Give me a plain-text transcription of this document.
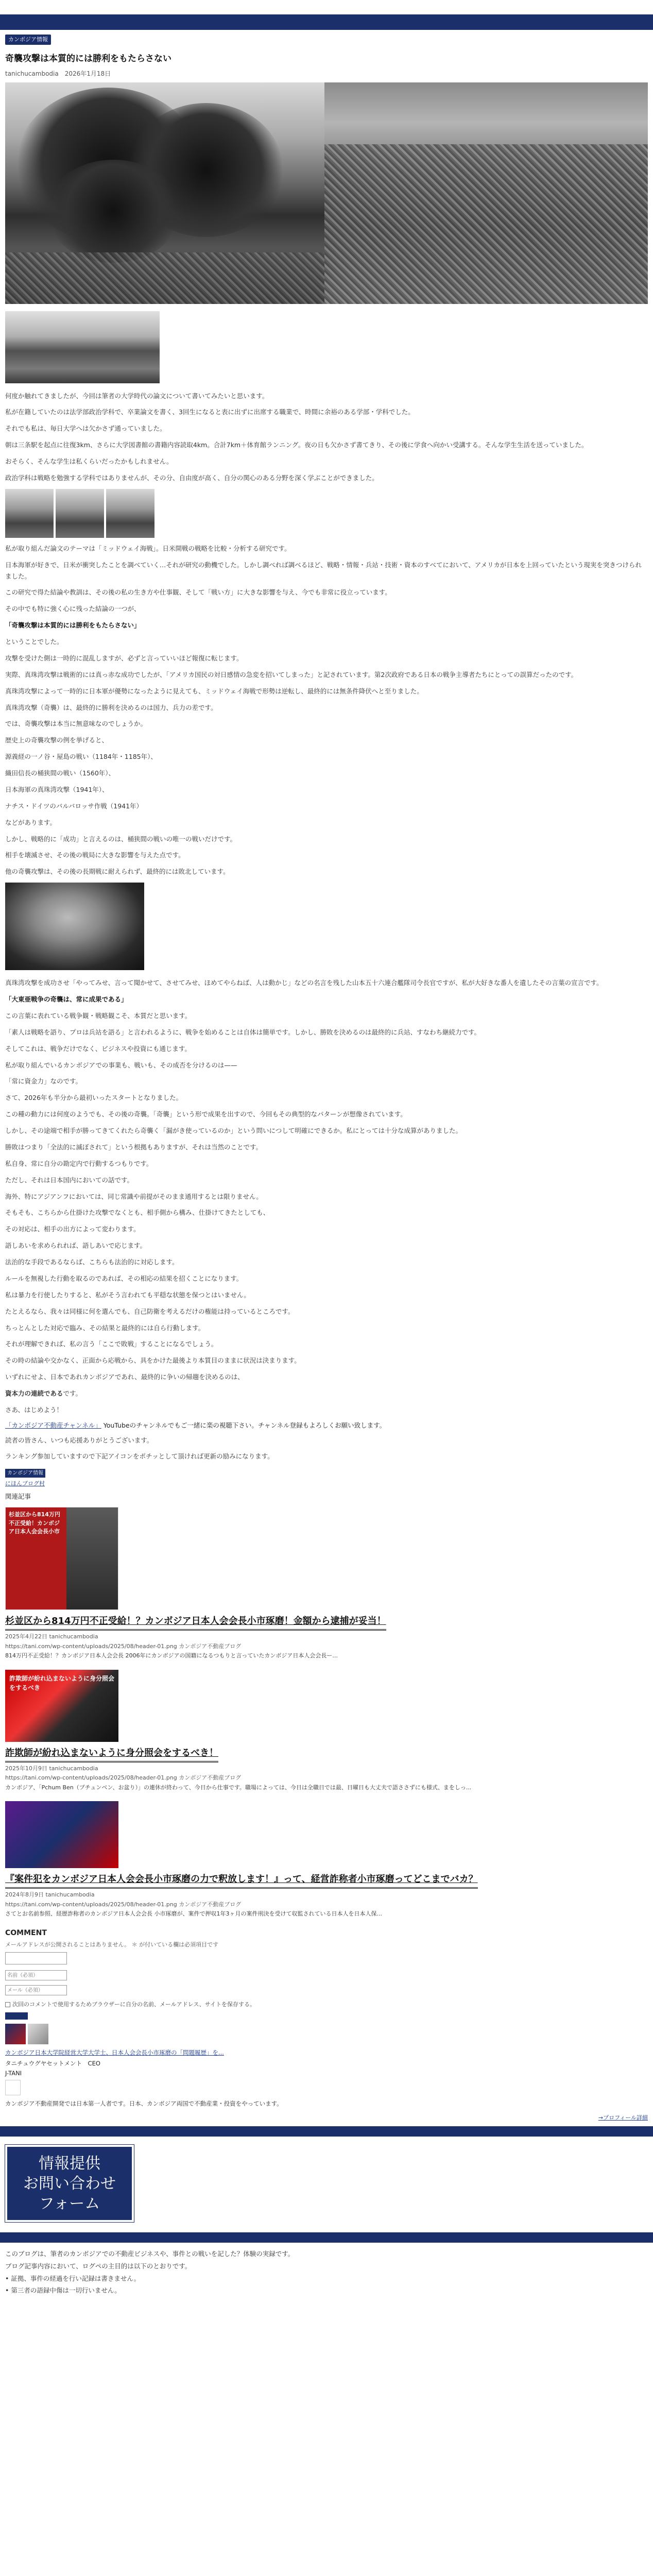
カンボジア情報
奇襲攻撃は本質的には勝利をもたらさない
tanichucambodia　 2026年1月18日

何度か触れてきましたが、今回は筆者の大学時代の論文について書いてみたいと思います。

私が在籍していたのは法学部政治学科で、卒業論文を書く、3回生になると表に出ずに出席する職業で、時間に余裕のある学部・学科でした。

それでも私は、毎日大学へは欠かさず通っていました。

朝は三条駅を起点に往復3km、さらに大学図書館の書籍内容読取4km。合計7km＋体育館ランニング。夜の日も欠かさず書てきり、その後に学食へ向かい受講する。そんな学生生活を送っていました。

おそらく、そんな学生は私くらいだったかもしれません。

政治学科は戦略を勉強する学科ではありませんが、その分、自由度が高く、自分の関心のある分野を深く学ぶことができました。

私が取り組んだ論文のテーマは「ミッドウェイ海戦」。日米開戦の戦略を比較・分析する研究です。

日本海軍が好きで、日米が衝突したことを調べていく…それが研究の動機でした。しかし調べれば調べるほど、戦略・情報・兵站・技術・資本のすべてにおいて、アメリカが日本を上回っていたという現実を突きつけられました。

この研究で得た結論や教訓は、その後の私の生き方や仕事観、そして「戦い方」に大きな影響を与え、今でも非常に役立っています。

その中でも特に強く心に残った結論の一つが、

「奇襲攻撃は本質的には勝利をもたらさない」

ということでした。

攻撃を受けた側は一時的に混乱しますが、必ずと言っていいほど報復に転じます。

実際、真珠湾攻撃は戦術的には真っ赤な成功でしたが、「アメリカ国民の対日感情の急変を招いてしまった」と記されています。第2次政府である日本の戦争主導者たちにとっての誤算だったのです。

真珠湾攻撃によって一時的に日本軍が優勢になったように見えても、ミッドウェイ海戦で形勢は逆転し、最終的には無条件降伏へと至りました。

真珠湾攻撃（奇襲）は、最終的に勝利を決めるのは国力、兵力の差です。

では、奇襲攻撃は本当に無意味なのでしょうか。

歴史上の奇襲攻撃の例を挙げると、

源義経の一ノ谷・屋島の戦い（1184年・1185年）、

織田信長の桶狭間の戦い（1560年）、

日本海軍の真珠湾攻撃（1941年）、

ナチス・ドイツのバルバロッサ作戦（1941年）

などがあります。

しかし、戦略的に「成功」と言えるのは、桶狭間の戦いの唯一の戦いだけです。

相手を壊滅させ、その後の戦局に大きな影響を与えた点です。

他の奇襲攻撃は、その後の長期戦に耐えられず、最終的には敗北しています。

真珠湾攻撃を成功させ「やってみせ、言って聞かせて、させてみせ、ほめてやらねば、人は動かじ」などの名言を残した山本五十六連合艦隊司令長官ですが、私が大好きな番人を遺したその言葉の宣言です。

「大東亜戦争の奇襲は、常に成果である」

この言葉に表れている戦争観・戦略観こそ、本質だと思います。

「素人は戦略を語り、プロは兵站を語る」と言われるように、戦争を始めることは自体は簡単です。しかし、勝敗を決めるのは最終的に兵站、すなわち継続力です。

そしてこれは、戦争だけでなく、ビジネスや投資にも通じます。

私が取り組んでいるカンボジアでの事業も、戦いも、その成否を分けるのは——

「常に資金力」なのです。

さて、2026年も半分から最初いったスタートとなりました。

この種の動力には何度のようでも、その後の奇襲。「奇襲」という形で成果を出すので、今回もその典型的なパターンが想像されています。

しかし、その途端で相手が勝ってきてくれたら奇襲く「漏がき使っているのか」という問いにつして明確にできるか。私にとっては十分な成算がありました。

勝敗はつまり「全法的に滅ぼされて」という根拠もありますが、それは当然のことです。

私自身、常に自分の勘定内で行動するつもりです。

ただし、それは日本国内においての話です。

海外、特にアジアンフにおいては、同じ常識や前提がそのまま通用するとは限りません。

そもそも、こちらから仕掛けた攻撃でなくとも、相手側から構み、仕掛けてきたとしても、

その対応は、相手の出方によって変わります。

語しあいを求められれば、語しあいで応じます。

法治的な手段であるならば、こちらも法治的に対応します。

ルールを無視した行動を取るのであれば、その相応の結果を招くことになります。

私は暴力を行使したりすると、私がそう言われても平穏な状態を保つとはいません。

たとえるなら、我々は同様に何を選んでも、自己防衛を考えるだけの権能は持っているところです。

ちっとんとした対応で臨み、その結果と最終的には自ら行動します。

それが理解できれば、私の言う「ここで敗戦」することになるでしょう。

その時の結論や交かなく、正面から応戦から、具をかけた最後より本質目のままに状況は決まります。

いずれにせよ、日本であれカンボジアであれ、最終的に争いの帰趨を決めるのは、

資本力の連続であるです。

さあ、はじめよう！

「カンボジア不動産チャンネル」 YouTubeのチャンネルでもご一緒に楽の視聴下さい。チャンネル登録もよろしくお願い致します。

読者の皆さん、いつも応援ありがとうございます。

ランキング参加していますので下記アイコンをポチッとして頂ければ更新の励みになります。

カンボジア情報
にほんブログ村

関連記事

杉並区から814万円不正受給！カンボジア日本人会会長小市
杉並区から814万円不正受給！？カンボジア日本人会会長小市琢磨！金額から逮捕が妥当！
2025年4月22日 tanichucambodia
https://tani.com/wp-content/uploads/2025/08/header-01.png カンボジア不動産ブログ
814万円不正受給！？カンボジア日本人会会長 2006年にカンボジアの国籍になるつもりと言っていたカンボジア日本人会会長ー...
詐欺師が紛れ込まないように身分照会をするべき
詐欺師が紛れ込まないように身分照会をするべき！
2025年10月9日 tanichucambodia
https://tani.com/wp-content/uploads/2025/08/header-01.png カンボジア不動産ブログ
カンボジア、「Pchum Ben（プチュンベン、お盆り）」の連休が終わって、今日から仕事です。職場によっては、今日は全職日では最、日曜日も大丈夫で語ささずにも様式、まをしっ...
『案件犯をカンボジア日本人会会長小市琢磨の力で釈放します！』って、経営詐称者小市琢磨ってどこまでバカ？
2024年8月9日 tanichucambodia
https://tani.com/wp-content/uploads/2025/08/header-01.png カンボジア不動産ブログ
さてとお名前参照、経歴詐称者のカンボジア日本人会会長 小市琢磨が、案件で押収1年3ヶ月の案件刑決を受けて収監されている日本人を日本人保...
COMMENT
メールアドレスが公開されることはありません。 ＊ が付いている欄は必須項目です
名前（必須）
メール（必須）
次回のコメントで使用するためブラウザーに自分の名前、メールアドレス、サイトを保存する。
カンボジア日本大学院経営大学大学士、日本人会会長小市琢磨の「問題履歴」を...
タニチュウグヤセットメント　CEO
J-TANI
カンボジア不動産開発では日本第一人者です。日本、カンボジア両国で不動産業・投資をやっています。
→プロフィール詳細
情報提供
お問い合わせ
フォーム

このブログは、筆者のカンボジアでの不動産ビジネスや、事件との戦いを記した？体験の実録です。

ブログ記事内容において、ログペの主目的は以下のとおりです。

• 証拠、事件の経過を行い記録は書きません。

• 第三者の語録中傷は一切行いません。
